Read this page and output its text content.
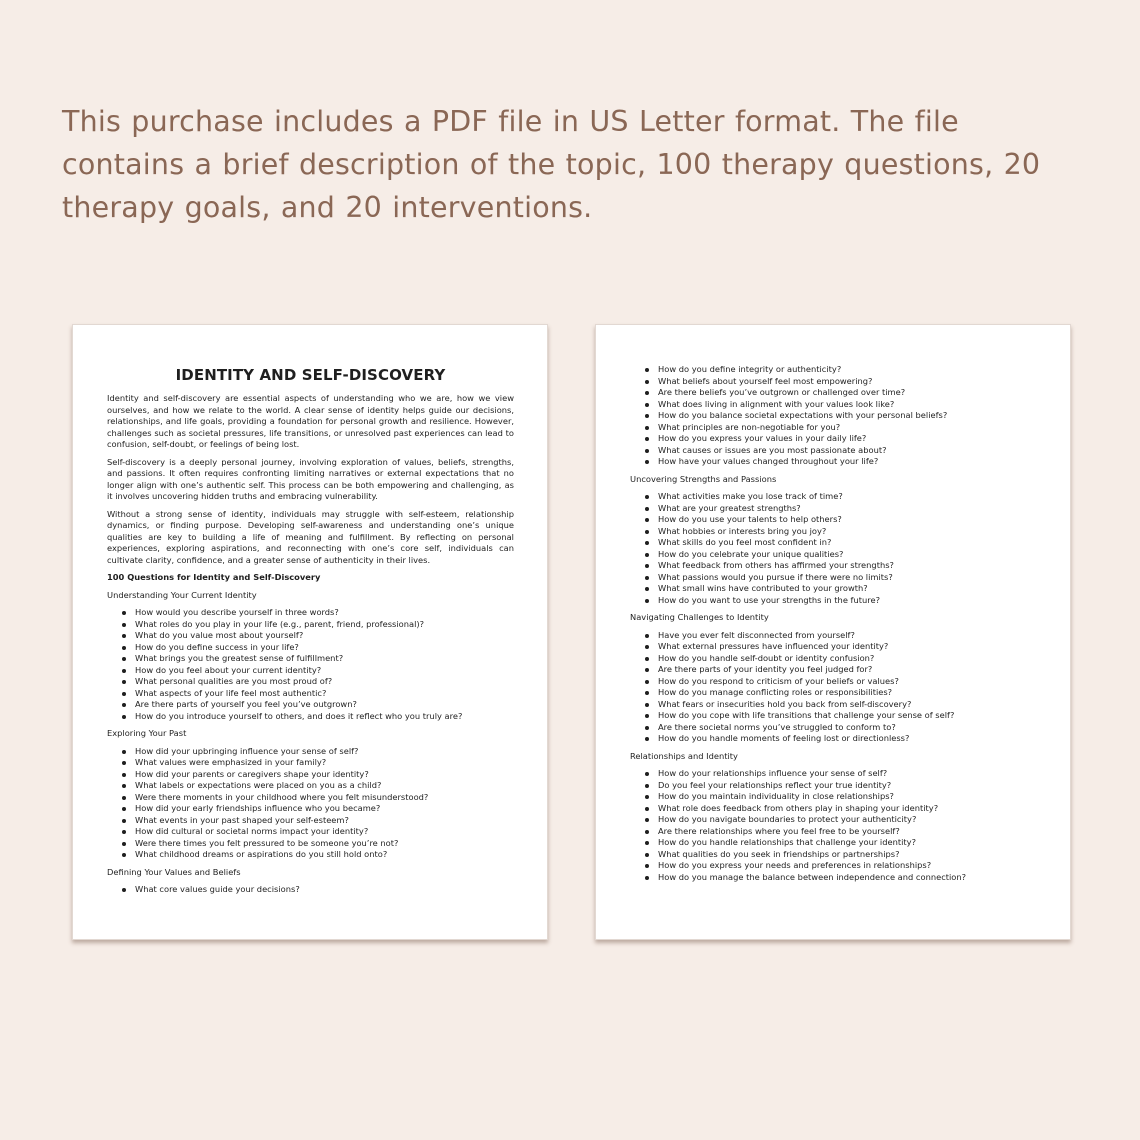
This purchase includes a PDF file in US Letter format. The file contains a brief description of the topic, 100 therapy questions, 20 therapy goals, and 20 interventions.

IDENTITY AND SELF-DISCOVERY

Identity and self-discovery are essential aspects of understanding who we are, how we view ourselves, and how we relate to the world. A clear sense of identity helps guide our decisions, relationships, and life goals, providing a foundation for personal growth and resilience. However, challenges such as societal pressures, life transitions, or unresolved past experiences can lead to confusion, self-doubt, or feelings of being lost.

Self-discovery is a deeply personal journey, involving exploration of values, beliefs, strengths, and passions. It often requires confronting limiting narratives or external expectations that no longer align with one’s authentic self. This process can be both empowering and challenging, as it involves uncovering hidden truths and embracing vulnerability.

Without a strong sense of identity, individuals may struggle with self-esteem, relationship dynamics, or finding purpose. Developing self-awareness and understanding one’s unique qualities are key to building a life of meaning and fulfillment. By reflecting on personal experiences, exploring aspirations, and reconnecting with one’s core self, individuals can cultivate clarity, confidence, and a greater sense of authenticity in their lives.

100 Questions for Identity and Self-Discovery
Understanding Your Current Identity
How would you describe yourself in three words?
What roles do you play in your life (e.g., parent, friend, professional)?
What do you value most about yourself?
How do you define success in your life?
What brings you the greatest sense of fulfillment?
How do you feel about your current identity?
What personal qualities are you most proud of?
What aspects of your life feel most authentic?
Are there parts of yourself you feel you’ve outgrown?
How do you introduce yourself to others, and does it reflect who you truly are?
Exploring Your Past
How did your upbringing influence your sense of self?
What values were emphasized in your family?
How did your parents or caregivers shape your identity?
What labels or expectations were placed on you as a child?
Were there moments in your childhood where you felt misunderstood?
How did your early friendships influence who you became?
What events in your past shaped your self-esteem?
How did cultural or societal norms impact your identity?
Were there times you felt pressured to be someone you’re not?
What childhood dreams or aspirations do you still hold onto?
Defining Your Values and Beliefs
What core values guide your decisions?
How do you define integrity or authenticity?
What beliefs about yourself feel most empowering?
Are there beliefs you’ve outgrown or challenged over time?
What does living in alignment with your values look like?
How do you balance societal expectations with your personal beliefs?
What principles are non-negotiable for you?
How do you express your values in your daily life?
What causes or issues are you most passionate about?
How have your values changed throughout your life?
Uncovering Strengths and Passions
What activities make you lose track of time?
What are your greatest strengths?
How do you use your talents to help others?
What hobbies or interests bring you joy?
What skills do you feel most confident in?
How do you celebrate your unique qualities?
What feedback from others has affirmed your strengths?
What passions would you pursue if there were no limits?
What small wins have contributed to your growth?
How do you want to use your strengths in the future?
Navigating Challenges to Identity
Have you ever felt disconnected from yourself?
What external pressures have influenced your identity?
How do you handle self-doubt or identity confusion?
Are there parts of your identity you feel judged for?
How do you respond to criticism of your beliefs or values?
How do you manage conflicting roles or responsibilities?
What fears or insecurities hold you back from self-discovery?
How do you cope with life transitions that challenge your sense of self?
Are there societal norms you’ve struggled to conform to?
How do you handle moments of feeling lost or directionless?
Relationships and Identity
How do your relationships influence your sense of self?
Do you feel your relationships reflect your true identity?
How do you maintain individuality in close relationships?
What role does feedback from others play in shaping your identity?
How do you navigate boundaries to protect your authenticity?
Are there relationships where you feel free to be yourself?
How do you handle relationships that challenge your identity?
What qualities do you seek in friendships or partnerships?
How do you express your needs and preferences in relationships?
How do you manage the balance between independence and connection?
